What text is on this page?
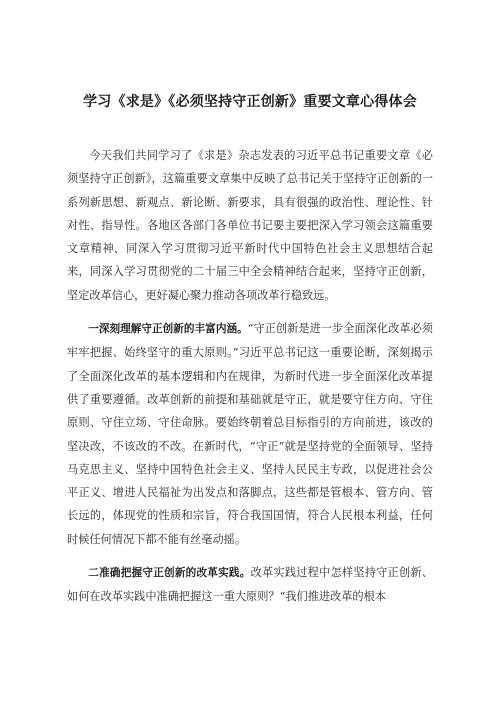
学习《求是》《必须坚持守正创新》重要文章心得体会

今天我们共同学习了《求是》杂志发表的习近平总书记重要文章《必须坚持守正创新》，这篇重要文章集中反映了总书记关于坚持守正创新的一系列新思想、新观点、新论断、新要求，具有很强的政治性、理论性、针对性、指导性。各地区各部门各单位书记要主要把深入学习领会这篇重要文章精神，同深入学习贯彻习近平新时代中国特色社会主义思想结合起来，同深入学习贯彻党的二十届三中全会精神结合起来，坚持守正创新，坚定改革信心，更好凝心聚力推动各项改革行稳致远。

一深刻理解守正创新的丰富内涵。“守正创新是进一步全面深化改革必须牢牢把握、始终坚守的重大原则。”习近平总书记这一重要论断，深刻揭示了全面深化改革的基本逻辑和内在规律，为新时代进一步全面深化改革提供了重要遵循。改革创新的前提和基础就是守正，就是要守住方向、守住原则、守住立场、守住命脉。要始终朝着总目标指引的方向前进，该改的坚决改，不该改的不改。在新时代，“守正”就是坚持党的全面领导、坚持马克思主义、坚持中国特色社会主义、坚持人民民主专政，以促进社会公平正义、增进人民福祉为出发点和落脚点，这些都是管根本、管方向、管长远的，体现党的性质和宗旨，符合我国国情，符合人民根本利益，任何时候任何情况下都不能有丝毫动摇。

二准确把握守正创新的改革实践。改革实践过程中怎样坚持守正创新、如何在改革实践中准确把握这一重大原则？“我们推进改革的根本
